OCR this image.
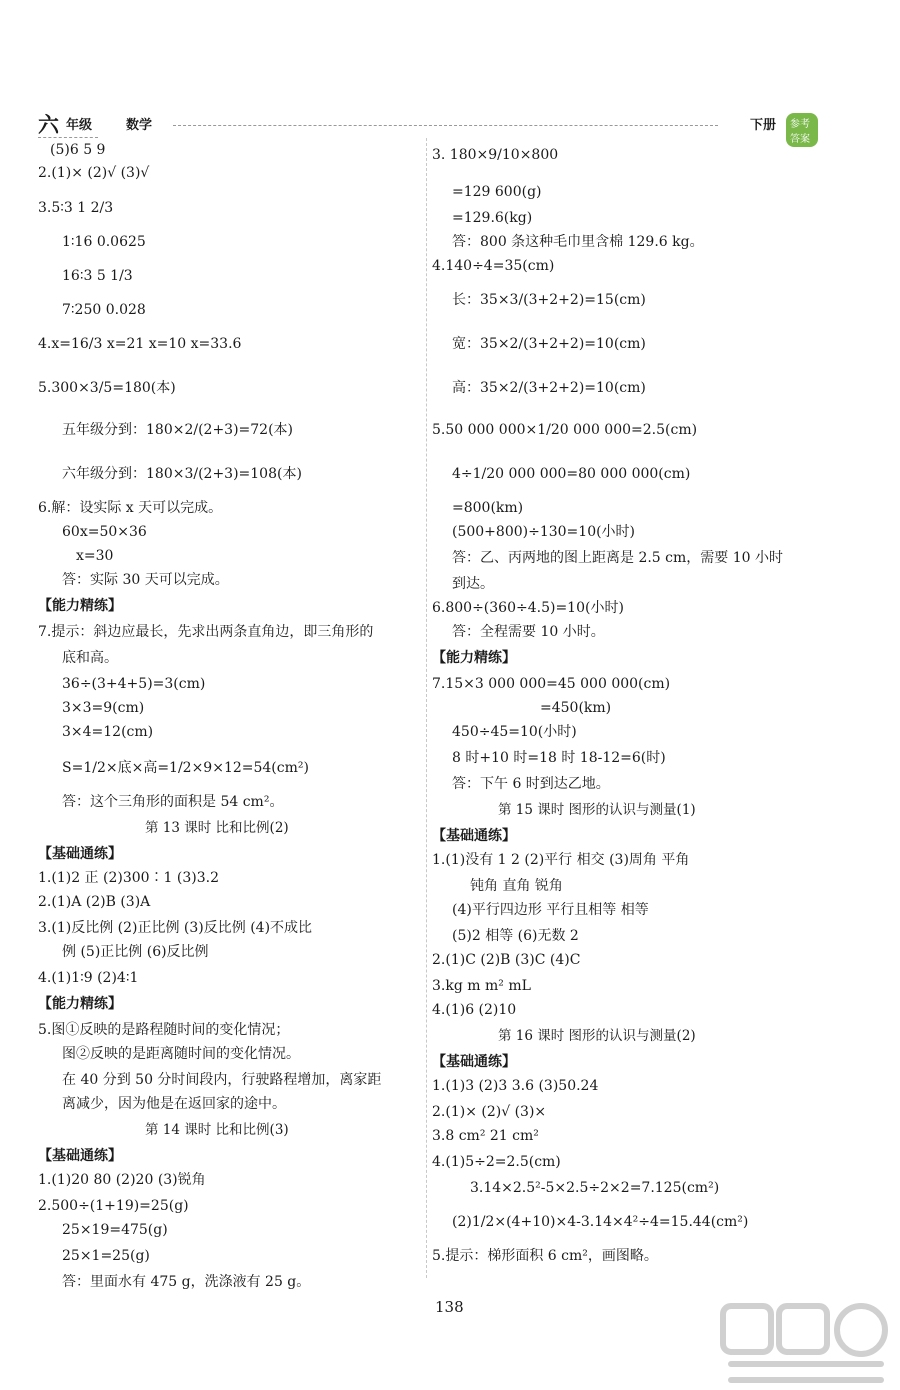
六 年级	数学	下册	参考答案
(5)6 5 9
2.(1)× (2)√ (3)√
3.5∶3 1 2/3
1∶16 0.0625
16∶3 5 1/3
7∶250 0.028
4.x=16/3 x=21 x=10 x=33.6
5.300×3/5=180(本)
五年级分到：180×2/(2+3)=72(本)
六年级分到：180×3/(2+3)=108(本)
6.解：设实际 x 天可以完成。
60x=50×36
x=30
答：实际 30 天可以完成。
【能力精练】
7.提示：斜边应最长，先求出两条直角边，即三角形的
底和高。
36÷(3+4+5)=3(cm)
3×3=9(cm)
3×4=12(cm)
S=1/2×底×高=1/2×9×12=54(cm²)
答：这个三角形的面积是 54 cm²。
第 13 课时 比和比例(2)
【基础通练】
1.(1)2 正 (2)300∶1 (3)3.2
2.(1)A (2)B (3)A
3.(1)反比例 (2)正比例 (3)反比例 (4)不成比
例 (5)正比例 (6)反比例
4.(1)1∶9 (2)4∶1
【能力精练】
5.图①反映的是路程随时间的变化情况；
图②反映的是距离随时间的变化情况。
在 40 分到 50 分时间段内，行驶路程增加，离家距
离减少，因为他是在返回家的途中。
第 14 课时 比和比例(3)
【基础通练】
1.(1)20 80 (2)20 (3)锐角
2.500÷(1+19)=25(g)
25×19=475(g)
25×1=25(g)
答：里面水有 475 g，洗涤液有 25 g。
3. 180×9/10×800
=129 600(g)
=129.6(kg)
答：800 条这种毛巾里含棉 129.6 kg。
4.140÷4=35(cm)
长：35×3/(3+2+2)=15(cm)
宽：35×2/(3+2+2)=10(cm)
高：35×2/(3+2+2)=10(cm)
5.50 000 000×1/20 000 000=2.5(cm)
4÷1/20 000 000=80 000 000(cm)
=800(km)
(500+800)÷130=10(小时)
答：乙、丙两地的图上距离是 2.5 cm，需要 10 小时
到达。
6.800÷(360÷4.5)=10(小时)
答：全程需要 10 小时。
【能力精练】
7.15×3 000 000=45 000 000(cm)
=450(km)
450÷45=10(小时)
8 时+10 时=18 时 18-12=6(时)
答：下午 6 时到达乙地。
第 15 课时 图形的认识与测量(1)
【基础通练】
1.(1)没有 1 2 (2)平行 相交 (3)周角 平角
钝角 直角 锐角
(4)平行四边形 平行且相等 相等
(5)2 相等 (6)无数 2
2.(1)C (2)B (3)C (4)C
3.kg m m² mL
4.(1)6 (2)10
第 16 课时 图形的认识与测量(2)
【基础通练】
1.(1)3 (2)3 3.6 (3)50.24
2.(1)× (2)√ (3)×
3.8 cm² 21 cm²
4.(1)5÷2=2.5(cm)
3.14×2.5²-5×2.5÷2×2=7.125(cm²)
(2)1/2×(4+10)×4-3.14×4²÷4=15.44(cm²)
5.提示：梯形面积 6 cm²，画图略。
138
